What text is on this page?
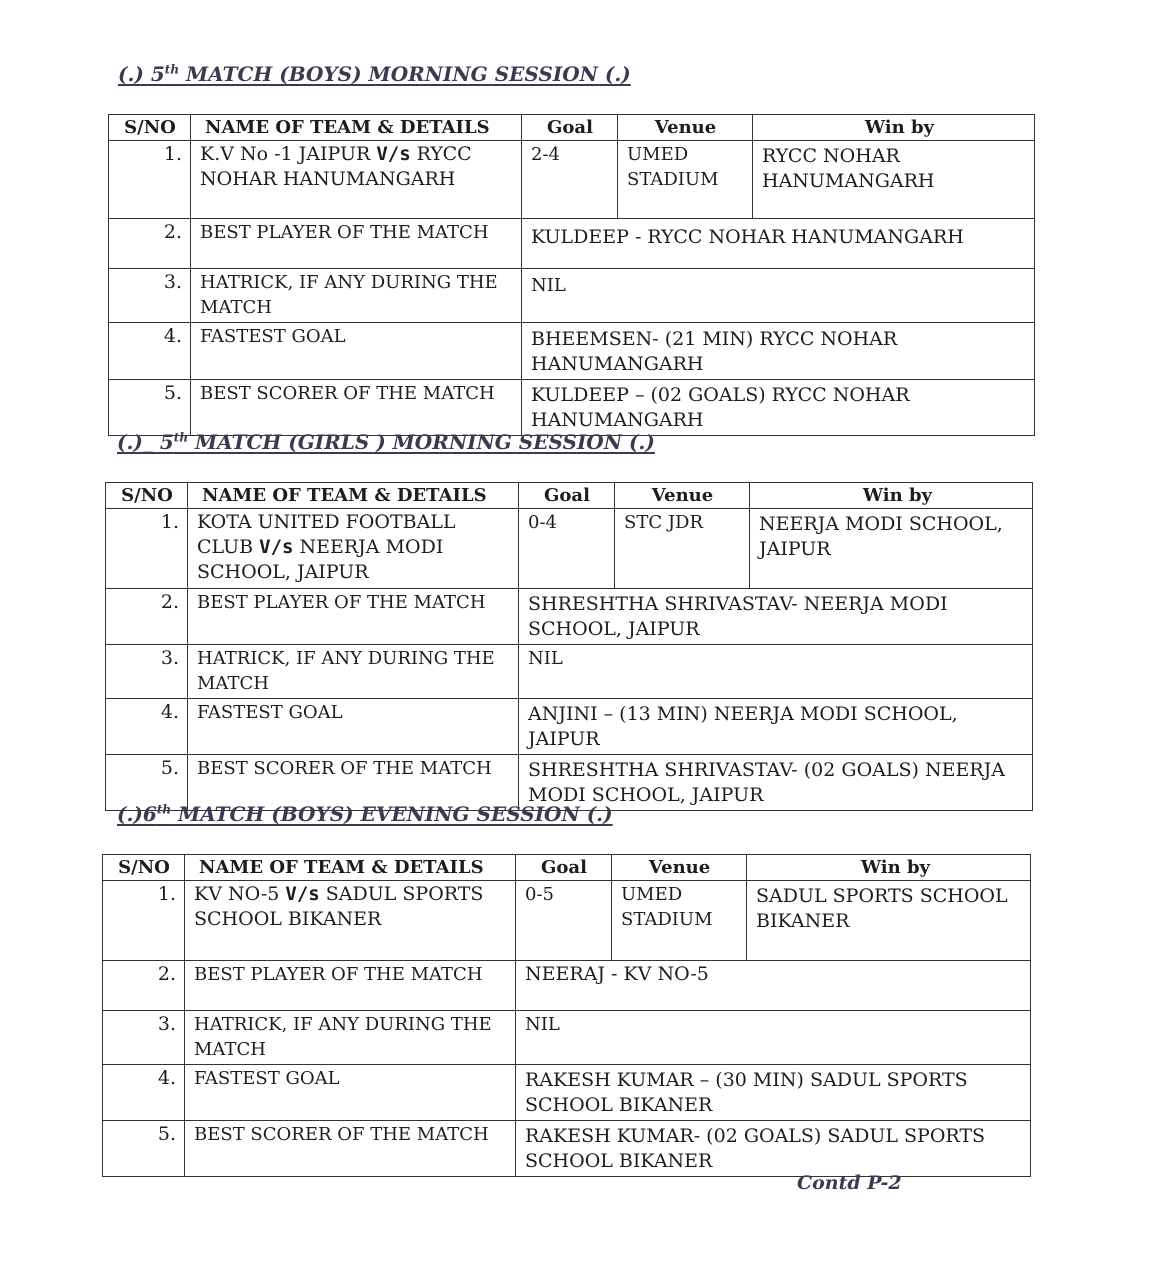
(.) 5th MATCH (BOYS) MORNING SESSION (.)
S/NO	NAME OF TEAM & DETAILS	Goal	Venue	Win by
1.	K.V No -1 JAIPUR V/s RYCC NOHAR HANUMANGARH	2-4	UMED STADIUM	RYCC NOHAR HANUMANGARH
2.	BEST PLAYER OF THE MATCH	KULDEEP - RYCC NOHAR HANUMANGARH		
3.	HATRICK, IF ANY DURING THE MATCH	NIL		
4.	FASTEST GOAL	BHEEMSEN- (21 MIN) RYCC NOHAR HANUMANGARH		
5.	BEST SCORER OF THE MATCH	KULDEEP – (02 GOALS) RYCC NOHAR HANUMANGARH		
(.)_ 5th MATCH (GIRLS ) MORNING SESSION (.)
S/NO	NAME OF TEAM & DETAILS	Goal	Venue	Win by
1.	KOTA UNITED FOOTBALL CLUB V/s NEERJA MODI SCHOOL, JAIPUR	0-4	STC JDR	NEERJA MODI SCHOOL, JAIPUR
2.	BEST PLAYER OF THE MATCH	SHRESHTHA SHRIVASTAV- NEERJA MODI SCHOOL, JAIPUR		
3.	HATRICK, IF ANY DURING THE MATCH	NIL		
4.	FASTEST GOAL	ANJINI – (13 MIN) NEERJA MODI SCHOOL, JAIPUR		
5.	BEST SCORER OF THE MATCH	SHRESHTHA SHRIVASTAV- (02 GOALS) NEERJA MODI SCHOOL, JAIPUR		
(.)6th MATCH (BOYS) EVENING SESSION (.)
S/NO	NAME OF TEAM & DETAILS	Goal	Venue	Win by
1.	KV NO-5 V/s SADUL SPORTS SCHOOL BIKANER	0-5	UMED STADIUM	SADUL SPORTS SCHOOL BIKANER
2.	BEST PLAYER OF THE MATCH	NEERAJ - KV NO-5		
3.	HATRICK, IF ANY DURING THE MATCH	NIL		
4.	FASTEST GOAL	RAKESH KUMAR – (30 MIN) SADUL SPORTS SCHOOL BIKANER		
5.	BEST SCORER OF THE MATCH	RAKESH KUMAR- (02 GOALS) SADUL SPORTS SCHOOL BIKANER		
Contd P-2
